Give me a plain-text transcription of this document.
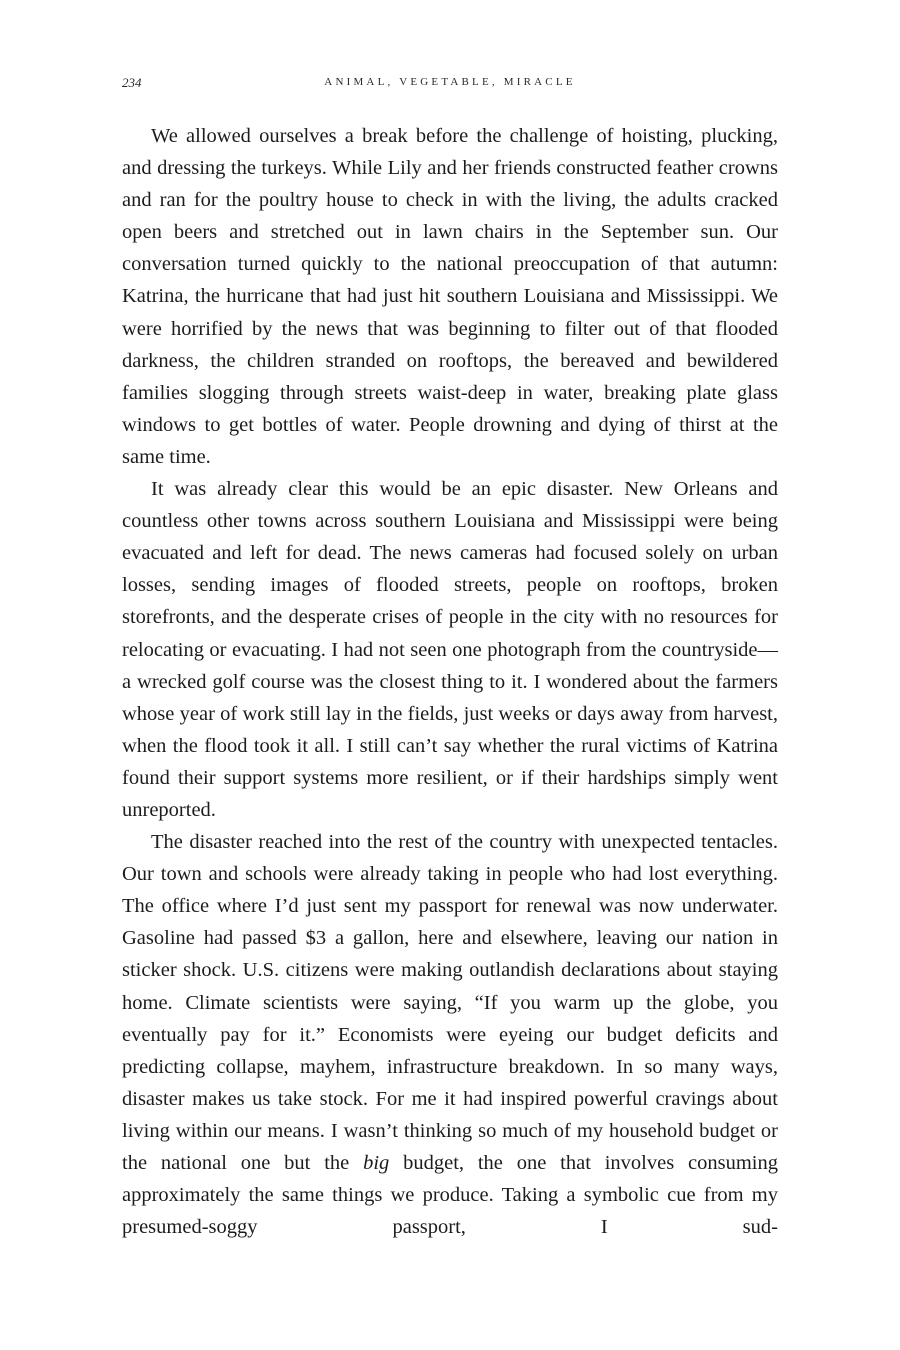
234	ANIMAL, VEGETABLE, MIRACLE

We allowed ourselves a break before the challenge of hoisting, plucking, and dressing the turkeys. While Lily and her friends constructed feather crowns and ran for the poultry house to check in with the living, the adults cracked open beers and stretched out in lawn chairs in the September sun. Our conversation turned quickly to the national preoccupation of that autumn: Katrina, the hurricane that had just hit southern Louisiana and Mississippi. We were horrified by the news that was beginning to filter out of that flooded darkness, the children stranded on rooftops, the bereaved and bewildered families slogging through streets waist-deep in water, breaking plate glass windows to get bottles of water. People drowning and dying of thirst at the same time.

It was already clear this would be an epic disaster. New Orleans and countless other towns across southern Louisiana and Mississippi were being evacuated and left for dead. The news cameras had focused solely on urban losses, sending images of flooded streets, people on rooftops, broken storefronts, and the desperate crises of people in the city with no resources for relocating or evacuating. I had not seen one photograph from the countryside—a wrecked golf course was the closest thing to it. I wondered about the farmers whose year of work still lay in the fields, just weeks or days away from harvest, when the flood took it all. I still can’t say whether the rural victims of Katrina found their support systems more resilient, or if their hardships simply went unreported.

The disaster reached into the rest of the country with unexpected tentacles. Our town and schools were already taking in people who had lost everything. The office where I’d just sent my passport for renewal was now underwater. Gasoline had passed $3 a gallon, here and elsewhere, leaving our nation in sticker shock. U.S. citizens were making outlandish declarations about staying home. Climate scientists were saying, “If you warm up the globe, you eventually pay for it.” Economists were eyeing our budget deficits and predicting collapse, mayhem, infrastructure breakdown. In so many ways, disaster makes us take stock. For me it had inspired powerful cravings about living within our means. I wasn’t thinking so much of my household budget or the national one but the big budget, the one that involves consuming approximately the same things we produce. Taking a symbolic cue from my presumed-soggy passport, I sud-
